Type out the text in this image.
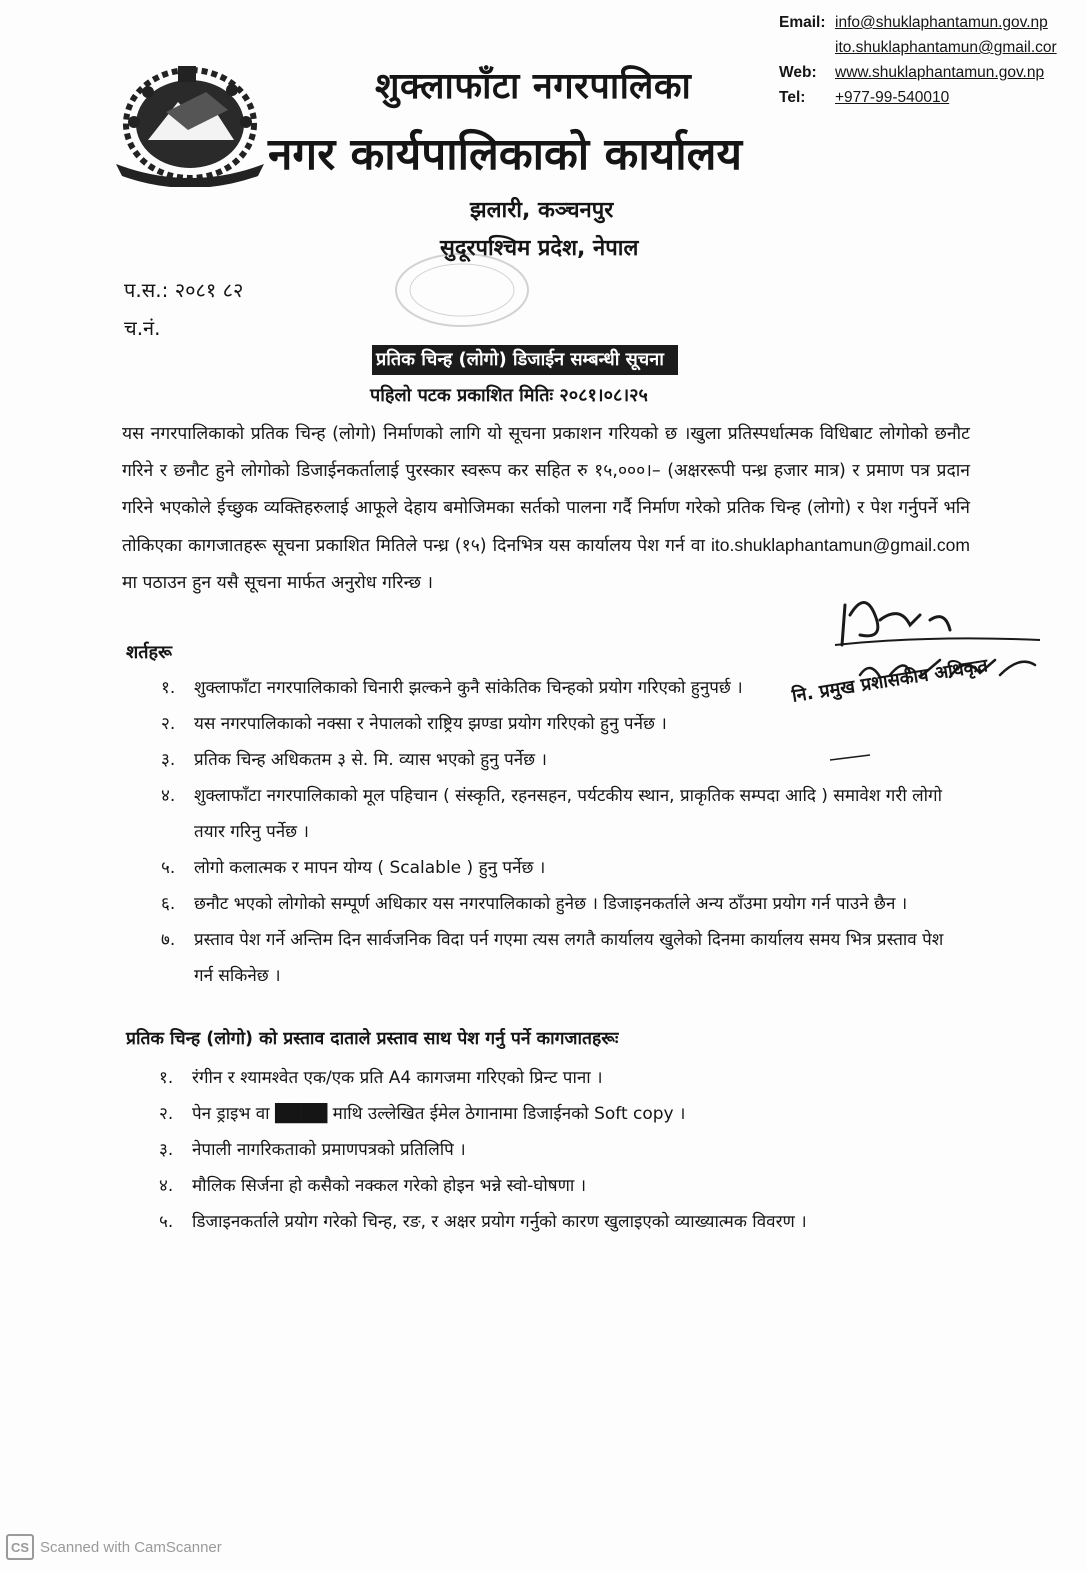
शुक्लाफाँटा नगरपालिका
नगर कार्यपालिकाको कार्यालय
झलारी, कञ्चनपुर
सुदूरपश्चिम प्रदेश, नेपाल
Email: info@shuklaphantamun.gov.np
ito.shuklaphantamun@gmail.cor
Web:	www.shuklaphantamun.gov.np
Tel:	+977-99-540010
प.स.: २०८१ ८२
च.नं.
प्रतिक चिन्ह (लोगो) डिजाईन सम्बन्धी सूचना
पहिलो पटक प्रकाशित मितिः २०८१।०८।२५
यस नगरपालिकाको प्रतिक चिन्ह (लोगो) निर्माणको लागि यो सूचना प्रकाशन गरियको छ ।खुला प्रतिस्पर्धात्मक विधिबाट लोगोको छनौट गरिने र छनौट हुने लोगोको डिजाईनकर्तालाई पुरस्कार स्वरूप कर सहित रु १५,०००।– (अक्षररूपी पन्ध्र हजार मात्र) र प्रमाण पत्र प्रदान गरिने भएकोले ईच्छुक व्यक्तिहरुलाई आफूले देहाय बमोजिमका सर्तको पालना गर्दै निर्माण गरेको प्रतिक चिन्ह (लोगो) र पेश गर्नुपर्ने भनि तोकिएका कागजातहरू सूचना प्रकाशित मितिले पन्ध्र (१५) दिनभित्र यस कार्यालय पेश गर्न वा ito.shuklaphantamun@gmail.com मा पठाउन हुन यसै सूचना मार्फत अनुरोध गरिन्छ ।
शर्तहरू
१. शुक्लाफाँटा नगरपालिकाको चिनारी झल्कने कुनै सांकेतिक चिन्हको प्रयोग गरिएको हुनुपर्छ ।
२. यस नगरपालिकाको नक्सा र नेपालको राष्ट्रिय झण्डा प्रयोग गरिएको हुनु पर्नेछ ।
३. प्रतिक चिन्ह अधिकतम ३ से. मि. व्यास भएको हुनु पर्नेछ ।
४. शुक्लाफाँटा नगरपालिकाको मूल पहिचान ( संस्कृति, रहनसहन, पर्यटकीय स्थान, प्राकृतिक सम्पदा आदि ) समावेश गरी लोगो तयार गरिनु पर्नेछ ।
५. लोगो कलात्मक र मापन योग्य ( Scalable ) हुनु पर्नेछ ।
६. छनौट भएको लोगोको सम्पूर्ण अधिकार यस नगरपालिकाको हुनेछ । डिजाइनकर्ताले अन्य ठाँउमा प्रयोग गर्न पाउने छैन ।
७. प्रस्ताव पेश गर्ने अन्तिम दिन सार्वजनिक विदा पर्न गएमा त्यस लगतै कार्यालय खुलेको दिनमा कार्यालय समय भित्र प्रस्ताव पेश गर्न सकिनेछ ।
प्रतिक चिन्ह (लोगो) को प्रस्ताव दाताले प्रस्ताव साथ पेश गर्नु पर्ने कागजातहरूः
१. रंगीन र श्यामश्वेत एक/एक प्रति A4 कागजमा गरिएको प्रिन्ट पाना ।
२. पेन ड्राइभ वा ████ माथि उल्लेखित ईमेल ठेगानामा डिजाईनको Soft copy ।
३. नेपाली नागरिकताको प्रमाणपत्रको प्रतिलिपि ।
४. मौलिक सिर्जना हो कसैको नक्कल गरेको होइन भन्ने स्वो-घोषणा ।
५. डिजाइनकर्ताले प्रयोग गरेको चिन्ह, रङ, र अक्षर प्रयोग गर्नुको कारण खुलाइएको व्याख्यात्मक विवरण ।
नि. प्रमुख प्रशासकीय अधिकृत
CS Scanned with CamScanner
